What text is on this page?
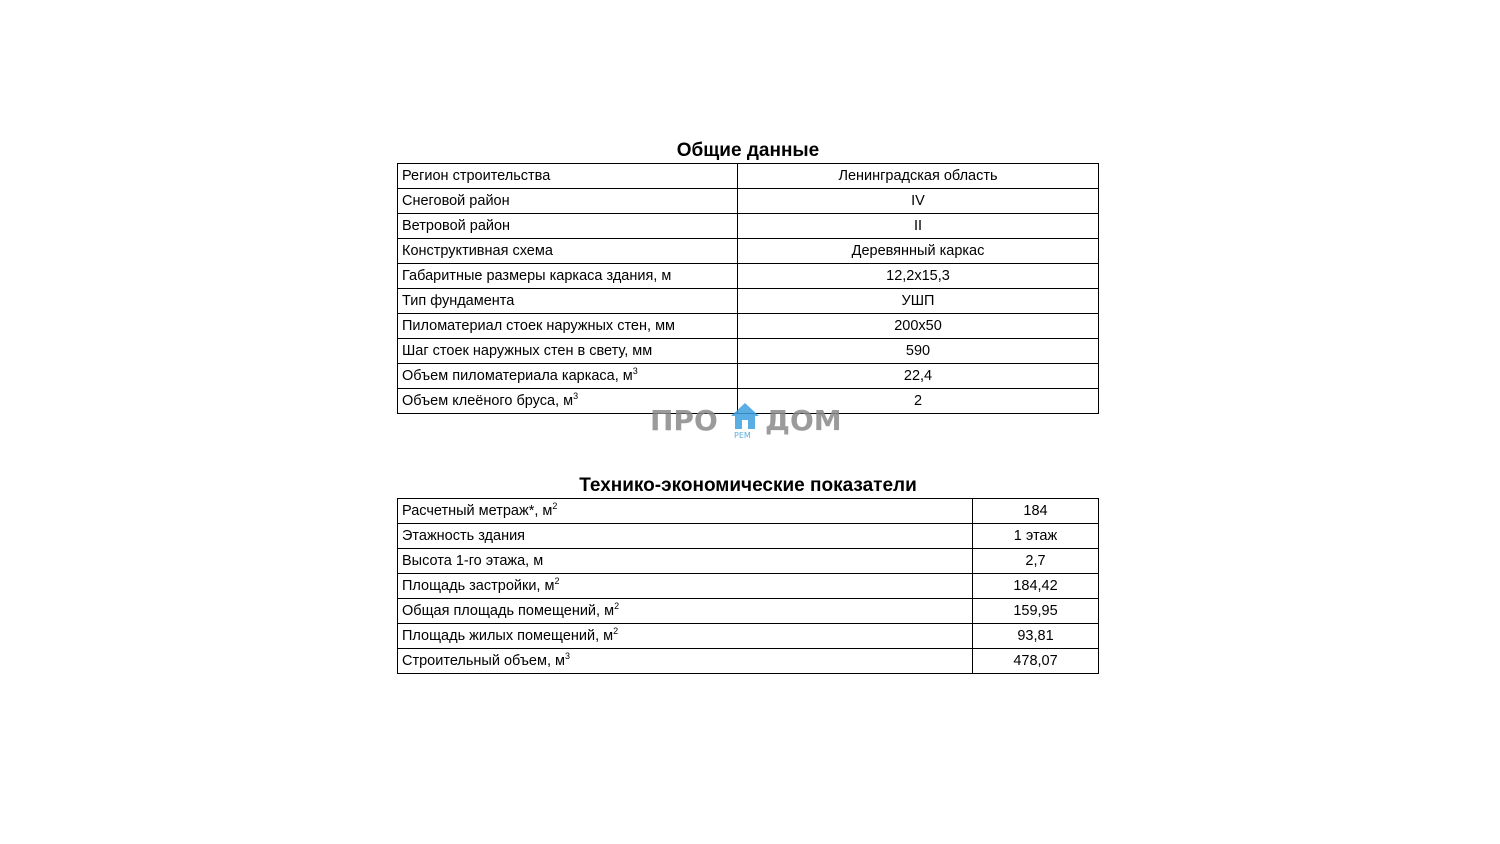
Общие данные
Регион строительства	Ленинградская область
Снеговой район	IV
Ветровой район	II
Конструктивная схема	Деревянный каркас
Габаритные размеры каркаса здания, м	12,2х15,3
Тип фундамента	УШП
Пиломатериал стоек наружных стен, мм	200х50
Шаг стоек наружных стен в свету, мм	590
Объем пиломатериала каркаса, $м^3$	22,4
Объем клеёного бруса, $м^3$	2
Технико-экономические показатели
Расчетный метраж*, $м^2$	184
Этажность здания	1 этаж
Высота 1-го этажа, м	2,7
Площадь застройки, $м^2$	184,42
Общая площадь помещений, $м^2$	159,95
Площадь жилых помещений, $м^2$	93,81
Строительный объем, $м^3$	478,07
ПРО ДОМ
РЕМ
